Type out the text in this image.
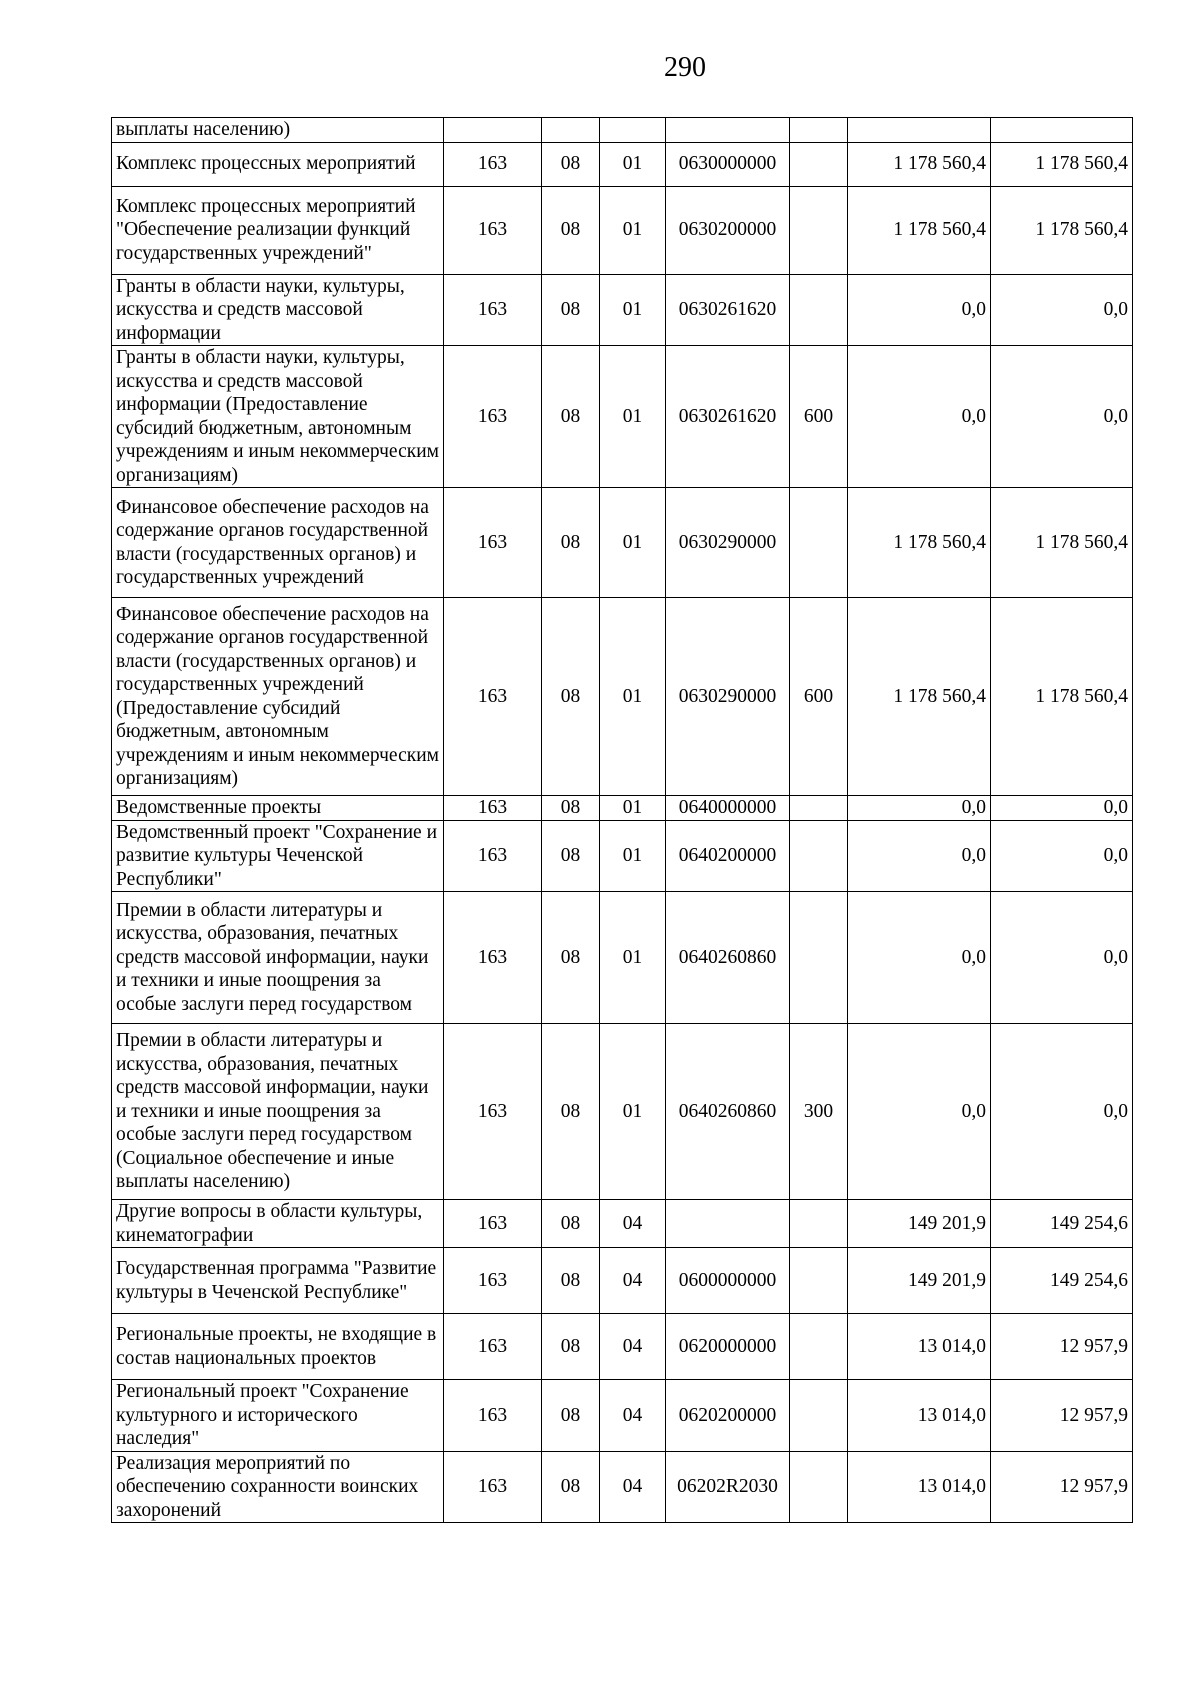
290
выплаты населению)							
Комплекс процессных мероприятий	163	08	01	0630000000		1 178 560,4	1 178 560,4
Комплекс процессных мероприятий "Обеспечение реализации функций государственных учреждений"	163	08	01	0630200000		1 178 560,4	1 178 560,4
Гранты в области науки, культуры, искусства и средств массовой информации	163	08	01	0630261620		0,0	0,0
Гранты в области науки, культуры, искусства и средств массовой информации (Предоставление субсидий бюджетным, автономным учреждениям и иным некоммерческим организациям)	163	08	01	0630261620	600	0,0	0,0
Финансовое обеспечение расходов на содержание органов государственной власти (государственных органов) и государственных учреждений	163	08	01	0630290000		1 178 560,4	1 178 560,4
Финансовое обеспечение расходов на содержание органов государственной власти (государственных органов) и государственных учреждений (Предоставление субсидий бюджетным, автономным учреждениям и иным некоммерческим организациям)	163	08	01	0630290000	600	1 178 560,4	1 178 560,4
Ведомственные проекты	163	08	01	0640000000		0,0	0,0
Ведомственный проект "Сохранение и развитие культуры Чеченской Республики"	163	08	01	0640200000		0,0	0,0
Премии в области литературы и искусства, образования, печатных средств массовой информации, науки и техники и иные поощрения за особые заслуги перед государством	163	08	01	0640260860		0,0	0,0
Премии в области литературы и искусства, образования, печатных средств массовой информации, науки и техники и иные поощрения за особые заслуги перед государством (Социальное обеспечение и иные выплаты населению)	163	08	01	0640260860	300	0,0	0,0
Другие вопросы в области культуры, кинематографии	163	08	04			149 201,9	149 254,6
Государственная программа "Развитие культуры в Чеченской Республике"	163	08	04	0600000000		149 201,9	149 254,6
Региональные проекты, не входящие в состав национальных проектов	163	08	04	0620000000		13 014,0	12 957,9
Региональный проект "Сохранение культурного и исторического наследия"	163	08	04	0620200000		13 014,0	12 957,9
Реализация мероприятий по обеспечению сохранности воинских захоронений	163	08	04	06202R2030		13 014,0	12 957,9
